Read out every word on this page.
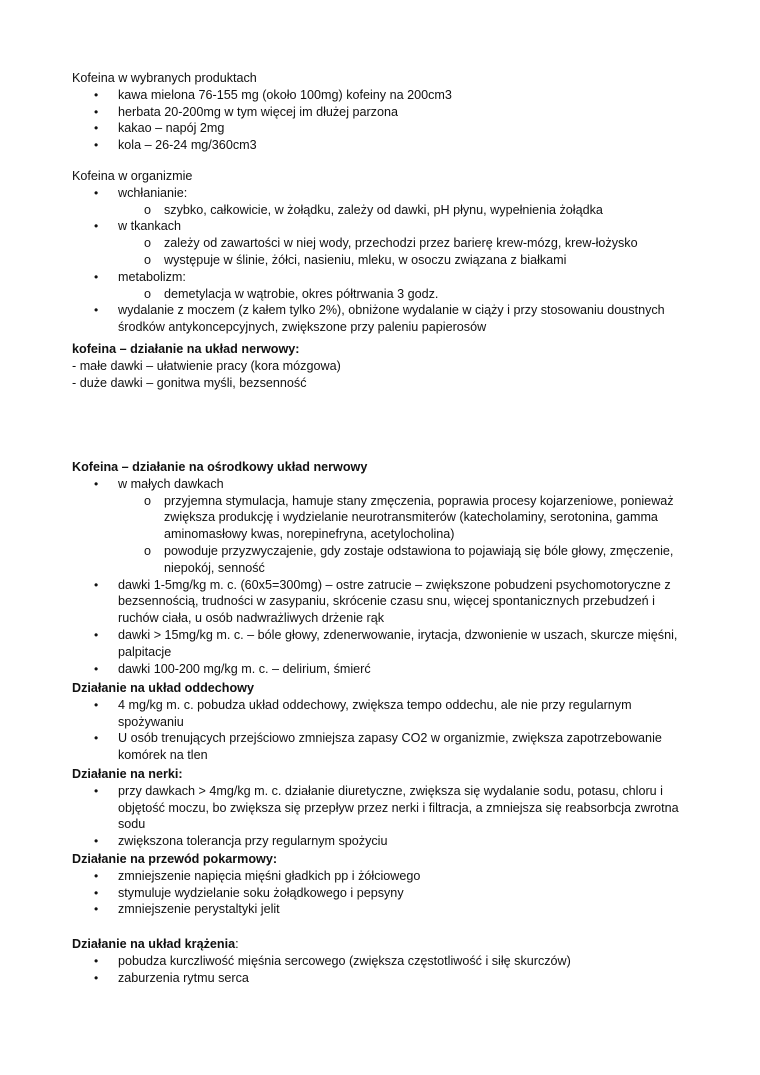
Kofeina w wybranych produktach
• kawa mielona 76-155 mg (około 100mg) kofeiny na 200cm3
• herbata 20-200mg w tym więcej im dłużej parzona
• kakao – napój 2mg
• kola – 26-24 mg/360cm3
Kofeina w organizmie
• wchłanianie:
o szybko, całkowicie, w żołądku, zależy od dawki, pH płynu, wypełnienia żołądka
• w tkankach
o zależy od zawartości w niej wody, przechodzi przez barierę krew-mózg, krew-łożysko
o występuje w ślinie, żółci, nasieniu, mleku, w osoczu związana z białkami
• metabolizm:
o demetylacja w wątrobie, okres półtrwania 3 godz.
• wydalanie z moczem (z kałem tylko 2%), obniżone wydalanie w ciąży i przy stosowaniu doustnych
środków antykoncepcyjnych, zwiększone przy paleniu papierosów
kofeina – działanie na układ nerwowy:
- małe dawki – ułatwienie pracy (kora mózgowa)
- duże dawki – gonitwa myśli, bezsenność
Kofeina – działanie na ośrodkowy układ nerwowy
• w małych dawkach
o przyjemna stymulacja, hamuje stany zmęczenia, poprawia procesy kojarzeniowe, ponieważ
zwiększa produkcję i wydzielanie neurotransmiterów (katecholaminy, serotonina, gamma
aminomasłowy kwas, norepinefryna, acetylocholina)
o powoduje przyzwyczajenie, gdy zostaje odstawiona to pojawiają się bóle głowy, zmęczenie,
niepokój, senność
• dawki 1-5mg/kg m. c. (60x5=300mg) – ostre zatrucie – zwiększone pobudzeni psychomotoryczne z
bezsennością, trudności w zasypaniu, skrócenie czasu snu, więcej spontanicznych przebudzeń i
ruchów ciała, u osób nadwrażliwych drżenie rąk
• dawki > 15mg/kg m. c. – bóle głowy, zdenerwowanie, irytacja, dzwonienie w uszach, skurcze mięśni,
palpitacje
• dawki 100-200 mg/kg m. c. – delirium, śmierć
Działanie na układ oddechowy
• 4 mg/kg m. c. pobudza układ oddechowy, zwiększa tempo oddechu, ale nie przy regularnym
spożywaniu
• U osób trenujących przejściowo zmniejsza zapasy CO2 w organizmie, zwiększa zapotrzebowanie
komórek na tlen
Działanie na nerki:
• przy dawkach > 4mg/kg m. c. działanie diuretyczne, zwiększa się wydalanie sodu, potasu, chloru i
objętość moczu, bo zwiększa się przepływ przez nerki i filtracja, a zmniejsza się reabsorbcja zwrotna
sodu
• zwiększona tolerancja przy regularnym spożyciu
Działanie na przewód pokarmowy:
• zmniejszenie napięcia mięśni gładkich pp i żółciowego
• stymuluje wydzielanie soku żołądkowego i pepsyny
• zmniejszenie perystaltyki jelit
Działanie na układ krążenia:
• pobudza kurczliwość mięśnia sercowego (zwiększa częstotliwość i siłę skurczów)
• zaburzenia rytmu serca
